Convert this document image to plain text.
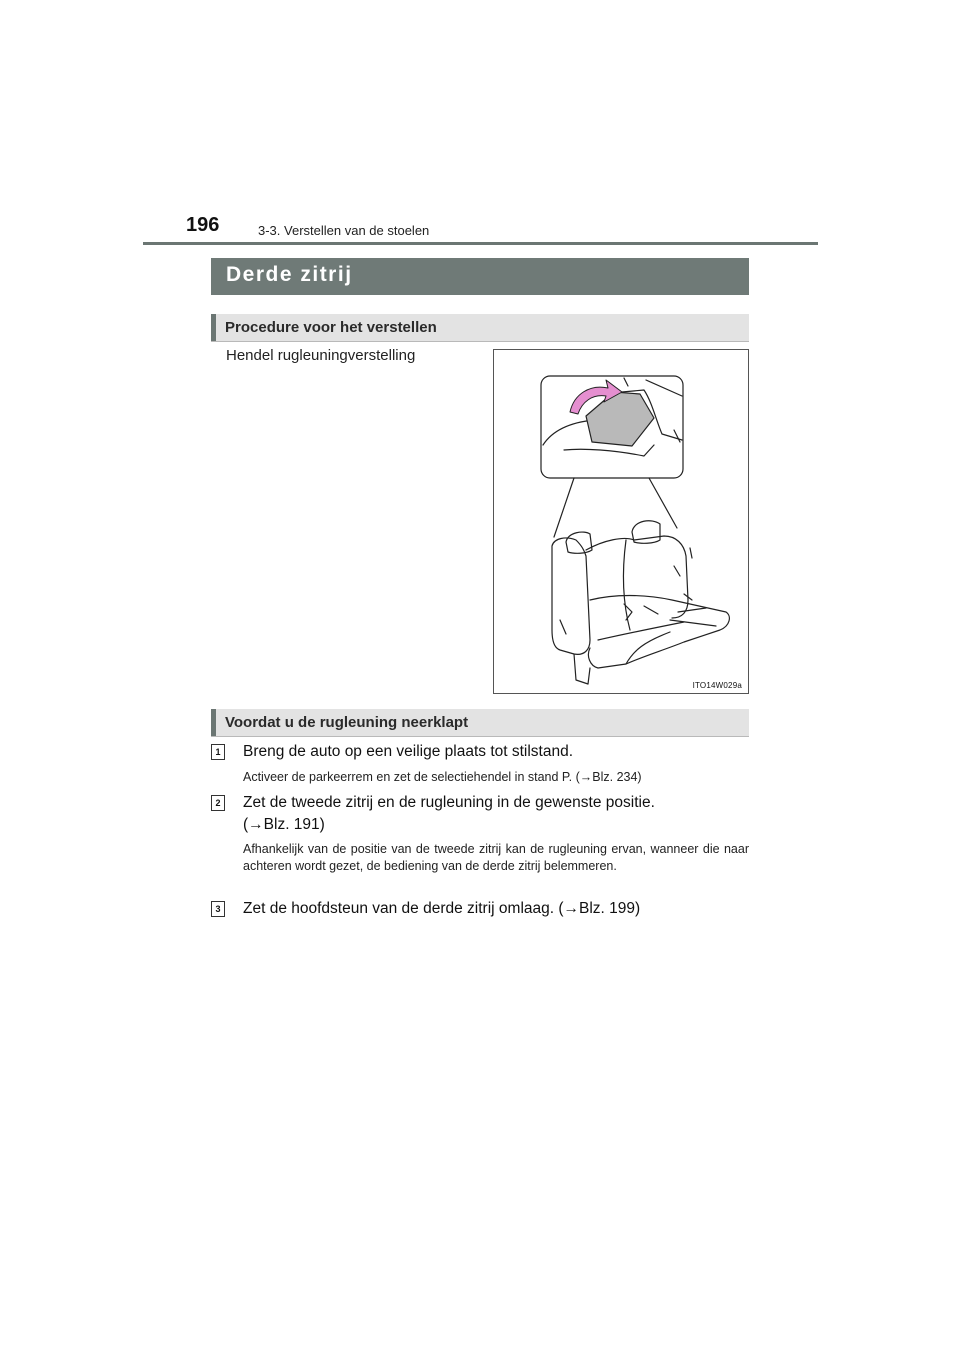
196	3-3. Verstellen van de stoelen
Derde zitrij
Procedure voor het verstellen
Hendel rugleuningverstelling
ITO14W029a
Voordat u de rugleuning neerklapt
1 Breng de auto op een veilige plaats tot stilstand.
Activeer de parkeerrem en zet de selectiehendel in stand P. (→Blz. 234)
2 Zet de tweede zitrij en de rugleuning in de gewenste positie.
(→Blz. 191)
Afhankelijk van de positie van de tweede zitrij kan de rugleuning ervan, wanneer die naar achteren wordt gezet, de bediening van de derde zitrij belemmeren.
3 Zet de hoofdsteun van de derde zitrij omlaag. (→Blz. 199)
